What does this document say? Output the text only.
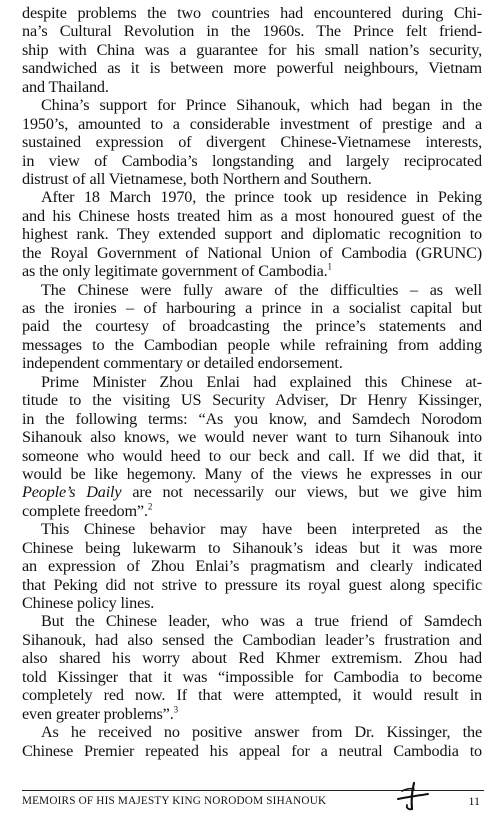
despite problems the two countries had encountered during Chi-
na’s Cultural Revolution in the 1960s. The Prince felt friend-
ship with China was a guarantee for his small nation’s security,
sandwiched as it is between more powerful neighbours, Vietnam
and Thailand.
China’s support for Prince Sihanouk, which had began in the
1950’s, amounted to a considerable investment of prestige and a
sustained expression of divergent Chinese-Vietnamese interests,
in view of Cambodia’s longstanding and largely reciprocated
distrust of all Vietnamese, both Northern and Southern.
After 18 March 1970, the prince took up residence in Peking
and his Chinese hosts treated him as a most honoured guest of the
highest rank. They extended support and diplomatic recognition to
the Royal Government of National Union of Cambodia (GRUNC)
as the only legitimate government of Cambodia.$^1$
The Chinese were fully aware of the difficulties – as well
as the ironies – of harbouring a prince in a socialist capital but
paid the courtesy of broadcasting the prince’s statements and
messages to the Cambodian people while refraining from adding
independent commentary or detailed endorsement.
Prime Minister Zhou Enlai had explained this Chinese at-
titude to the visiting US Security Adviser, Dr Henry Kissinger,
in the following terms: “As you know, and Samdech Norodom
Sihanouk also knows, we would never want to turn Sihanouk into
someone who would heed to our beck and call. If we did that, it
would be like hegemony. Many of the views he expresses in our
People’s Daily are not necessarily our views, but we give him
complete freedom”.$^2$
This Chinese behavior may have been interpreted as the
Chinese being lukewarm to Sihanouk’s ideas but it was more
an expression of Zhou Enlai’s pragmatism and clearly indicated
that Peking did not strive to pressure its royal guest along specific
Chinese policy lines.
But the Chinese leader, who was a true friend of Samdech
Sihanouk, had also sensed the Cambodian leader’s frustration and
also shared his worry about Red Khmer extremism. Zhou had
told Kissinger that it was “impossible for Cambodia to become
completely red now. If that were attempted, it would result in
even greater problems”.$^3$
As he received no positive answer from Dr. Kissinger, the
Chinese Premier repeated his appeal for a neutral Cambodia to
MEMOIRS OF HIS MAJESTY KING NORODOM SIHANOUK	11
